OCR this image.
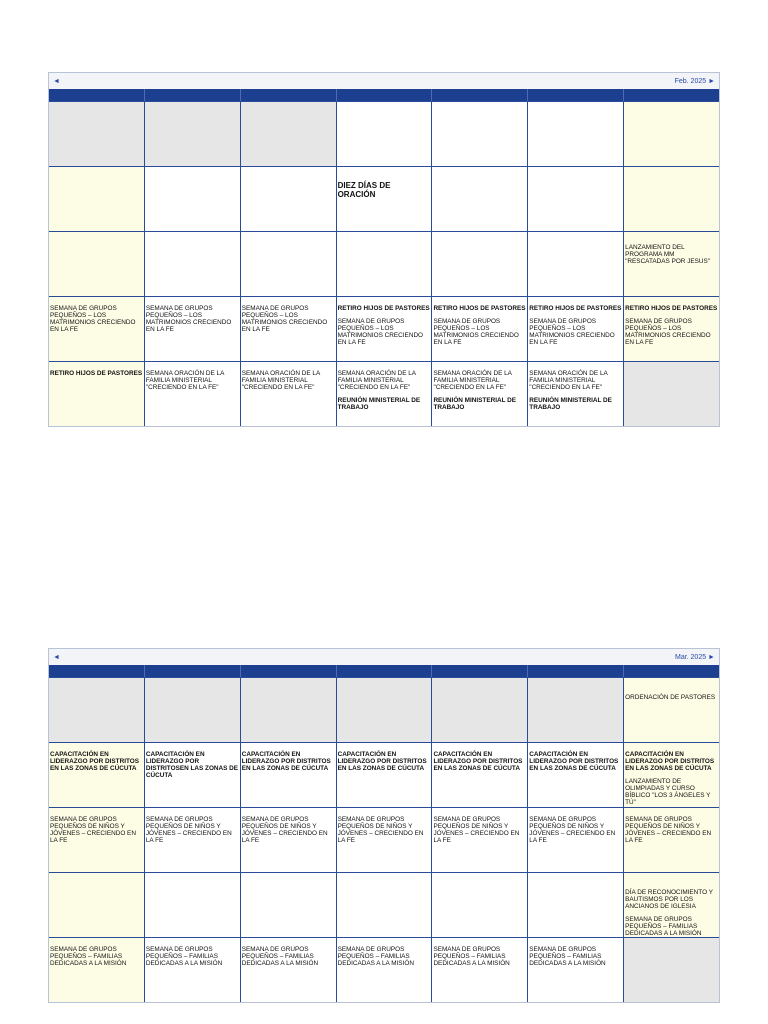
◄	Feb. 2025 ►
DIEZ DÍAS DE ORACIÓN
LANZAMIENTO DEL PROGRAMA MM "RESCATADAS POR JESUS"
SEMANA DE GRUPOS PEQUEÑOS – LOS MATRIMONIOS CRECIENDO EN LA FE
SEMANA DE GRUPOS PEQUEÑOS – LOS MATRIMONIOS CRECIENDO EN LA FE
SEMANA DE GRUPOS PEQUEÑOS – LOS MATRIMONIOS CRECIENDO EN LA FE
RETIRO HIJOS DE PASTORES
SEMANA DE GRUPOS PEQUEÑOS – LOS MATRIMONIOS CRECIENDO EN LA FE
RETIRO HIJOS DE PASTORES
SEMANA DE GRUPOS PEQUEÑOS – LOS MATRIMONIOS CRECIENDO EN LA FE
RETIRO HIJOS DE PASTORES
SEMANA DE GRUPOS PEQUEÑOS – LOS MATRIMONIOS CRECIENDO EN LA FE
RETIRO HIJOS DE PASTORES
SEMANA DE GRUPOS PEQUEÑOS – LOS MATRIMONIOS CRECIENDO EN LA FE
RETIRO HIJOS DE PASTORES SEMANA ORACIÓN DE LA FAMILIA MINISTERIAL "CRECIENDO EN LA FE"
SEMANA ORACIÓN DE LA FAMILIA MINISTERIAL "CRECIENDO EN LA FE"
SEMANA ORACIÓN DE LA FAMILIA MINISTERIAL "CRECIENDO EN LA FE"
REUNIÓN MINISTERIAL DE TRABAJO
SEMANA ORACIÓN DE LA FAMILIA MINISTERIAL "CRECIENDO EN LA FE"
REUNIÓN MINISTERIAL DE TRABAJO
SEMANA ORACIÓN DE LA FAMILIA MINISTERIAL "CRECIENDO EN LA FE"
REUNIÓN MINISTERIAL DE TRABAJO
◄	Mar. 2025 ►
ORDENACIÓN DE PASTORES
CAPACITACIÓN EN LIDERAZGO POR DISTRITOS EN LAS ZONAS DE CÚCUTA
CAPACITACIÓN EN LIDERAZGO POR DISTRITOSEN LAS ZONAS DE CÚCUTA
CAPACITACIÓN EN LIDERAZGO POR DISTRITOS EN LAS ZONAS DE CÚCUTA
CAPACITACIÓN EN LIDERAZGO POR DISTRITOS EN LAS ZONAS DE CÚCUTA
CAPACITACIÓN EN LIDERAZGO POR DISTRITOS EN LAS ZONAS DE CÚCUTA
CAPACITACIÓN EN LIDERAZGO POR DISTRITOS EN LAS ZONAS DE CÚCUTA
CAPACITACIÓN EN LIDERAZGO POR DISTRITOS EN LAS ZONAS DE CÚCUTA
LANZAMIENTO DE OLIMPIADAS Y CURSO BÍBLICO "LOS 3 ÁNGELES Y TÚ"
SEMANA DE GRUPOS PEQUEÑOS DE NIÑOS Y JÓVENES – CRECIENDO EN LA FE
SEMANA DE GRUPOS PEQUEÑOS DE NIÑOS Y JÓVENES – CRECIENDO EN LA FE
SEMANA DE GRUPOS PEQUEÑOS DE NIÑOS Y JÓVENES – CRECIENDO EN LA FE
SEMANA DE GRUPOS PEQUEÑOS DE NIÑOS Y JÓVENES – CRECIENDO EN LA FE
SEMANA DE GRUPOS PEQUEÑOS DE NIÑOS Y JÓVENES – CRECIENDO EN LA FE
SEMANA DE GRUPOS PEQUEÑOS DE NIÑOS Y JÓVENES – CRECIENDO EN LA FE
SEMANA DE GRUPOS PEQUEÑOS DE NIÑOS Y JÓVENES – CRECIENDO EN LA FE
DÍA DE RECONOCIMIENTO Y BAUTISMOS POR LOS ANCIANOS DE IGLESIA
SEMANA DE GRUPOS PEQUEÑOS – FAMILIAS DEDICADAS A LA MISIÓN
SEMANA DE GRUPOS PEQUEÑOS – FAMILIAS DEDICADAS A LA MISIÓN
SEMANA DE GRUPOS PEQUEÑOS – FAMILIAS DEDICADAS A LA MISIÓN
SEMANA DE GRUPOS PEQUEÑOS – FAMILIAS DEDICADAS A LA MISIÓN
SEMANA DE GRUPOS PEQUEÑOS – FAMILIAS DEDICADAS A LA MISIÓN
SEMANA DE GRUPOS PEQUEÑOS – FAMILIAS DEDICADAS A LA MISIÓN
SEMANA DE GRUPOS PEQUEÑOS – FAMILIAS DEDICADAS A LA MISIÓN
